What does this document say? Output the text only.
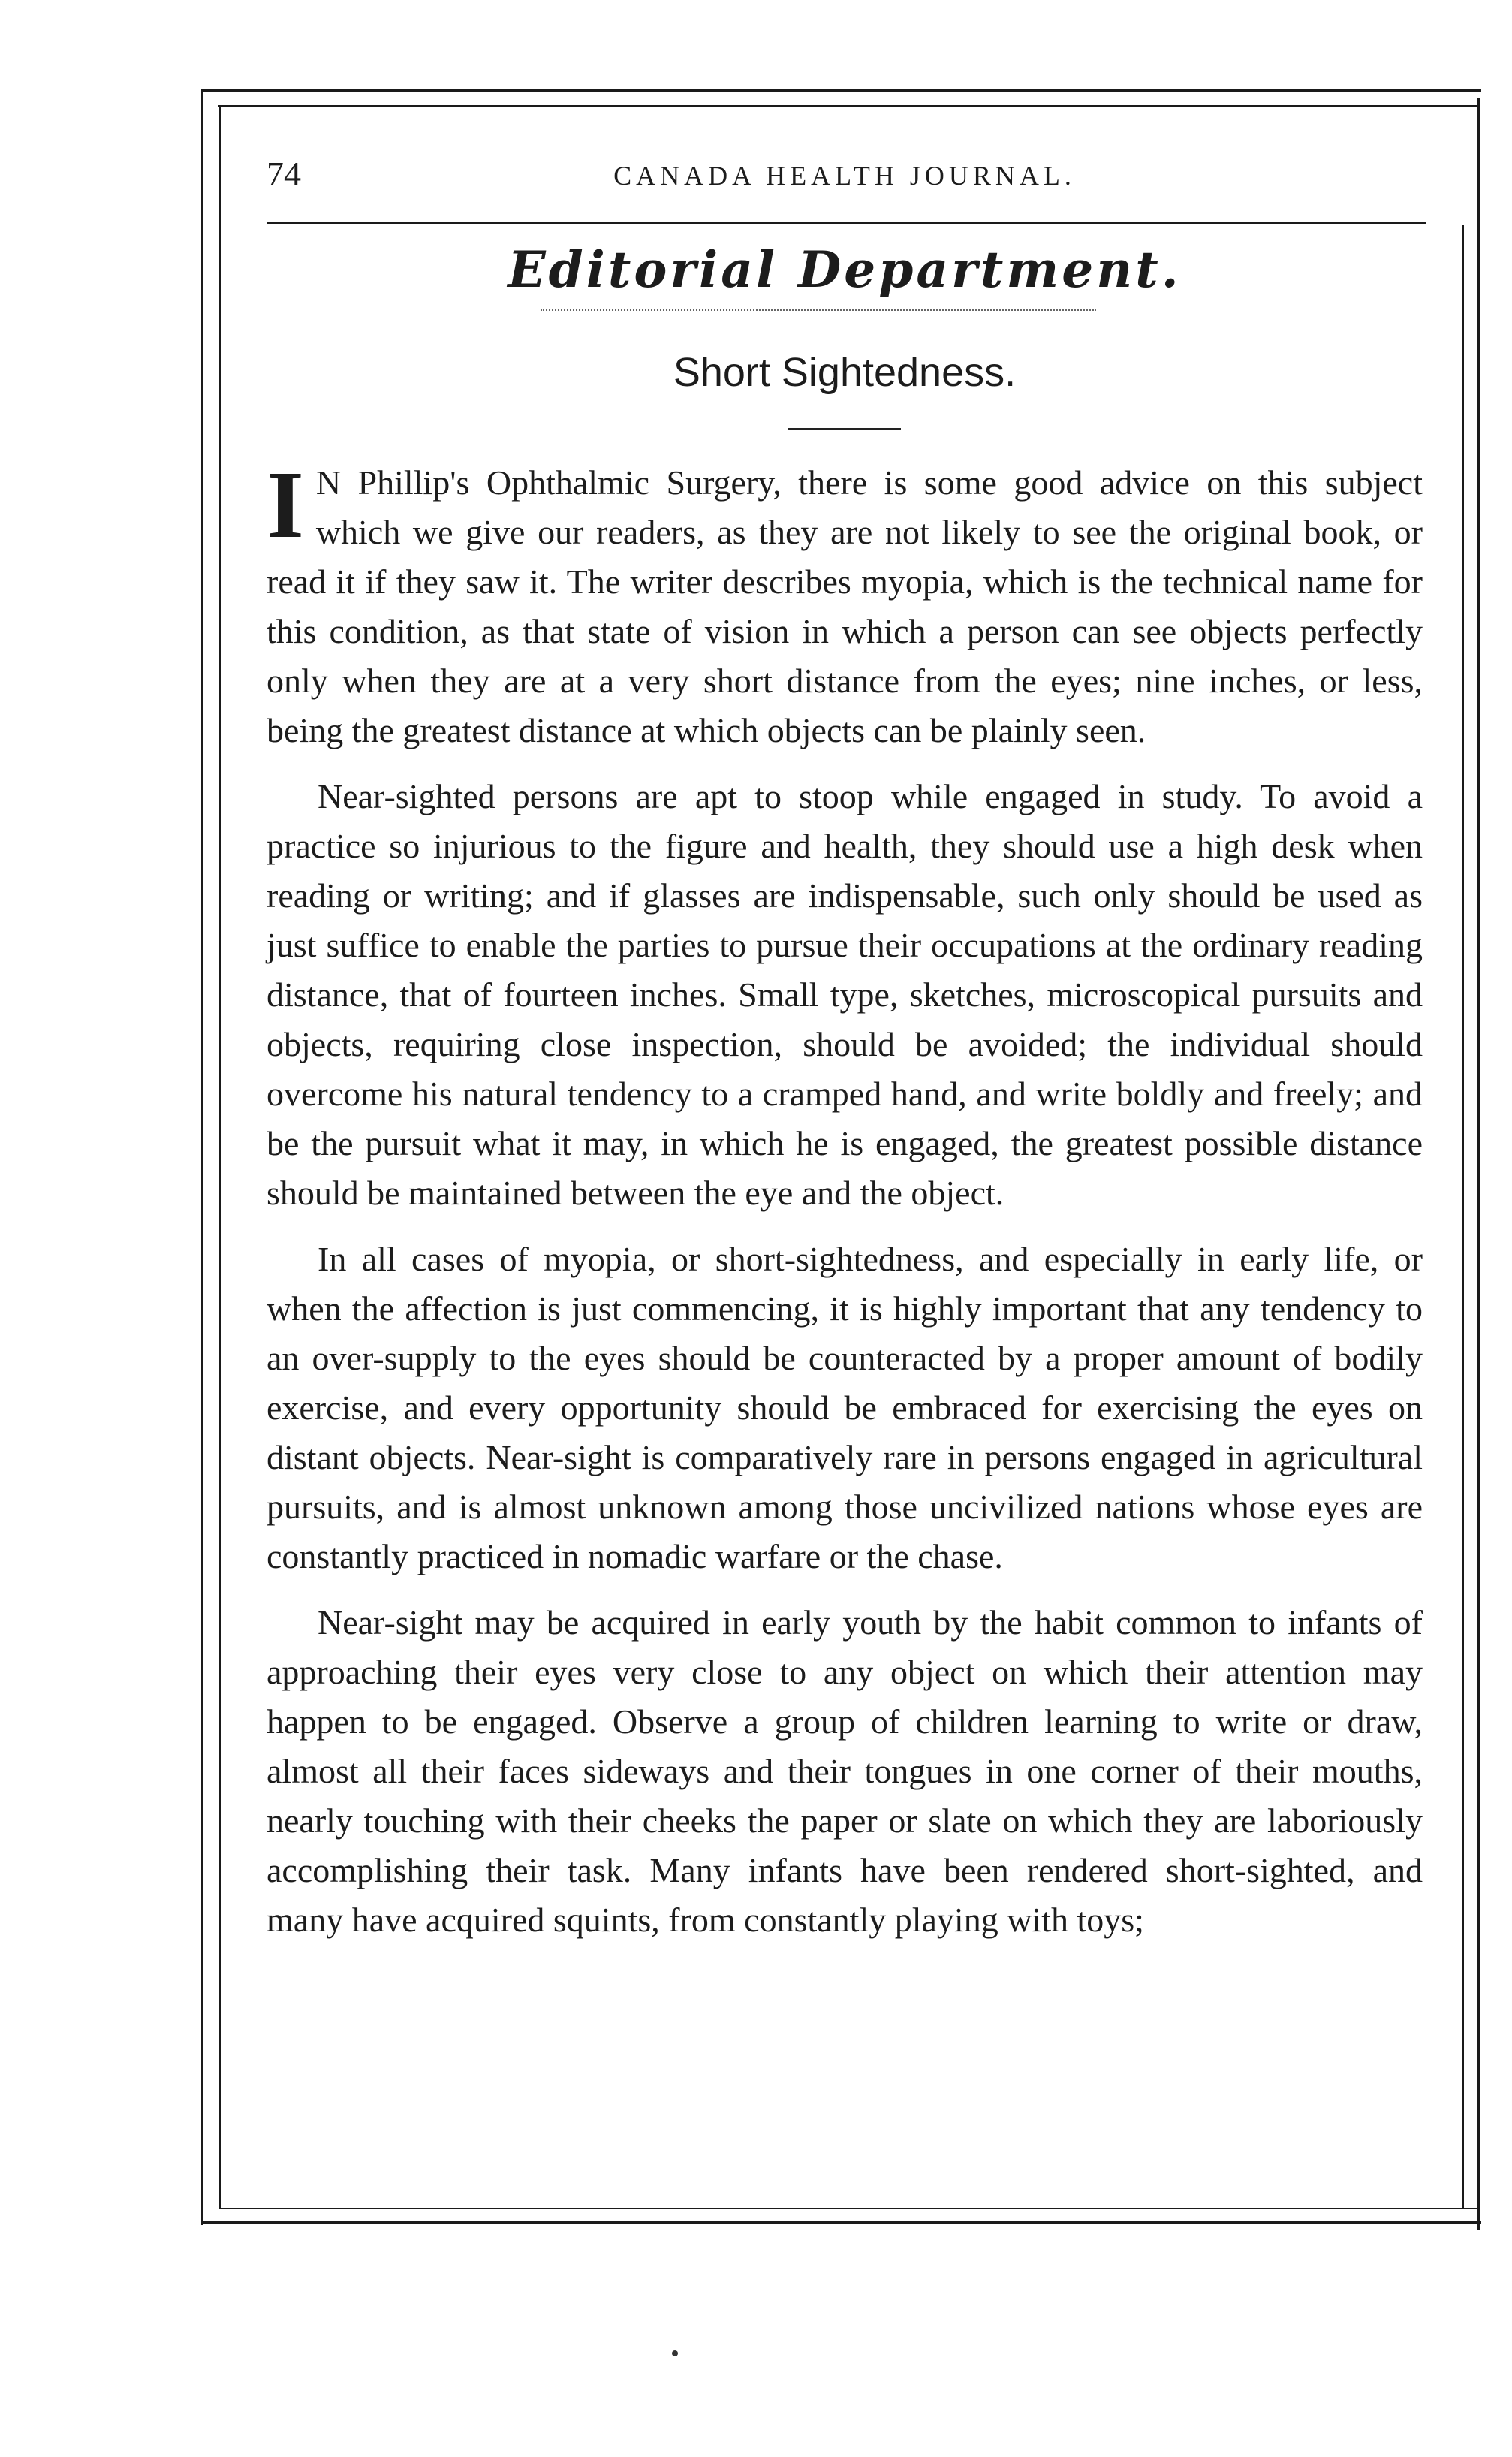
74	CANADA HEALTH JOURNAL.
Editorial Department.
Short Sightedness.

I N Phillip's Ophthalmic Surgery, there is some good advice on this subject which we give our readers, as they are not likely to see the original book, or read it if they saw it. The writer describes myopia, which is the technical name for this condition, as that state of vision in which a person can see objects perfectly only when they are at a very short distance from the eyes; nine inches, or less, being the greatest distance at which objects can be plainly seen.

Near-sighted persons are apt to stoop while engaged in study. To avoid a practice so injurious to the figure and health, they should use a high desk when reading or writing; and if glasses are indispensable, such only should be used as just suffice to enable the parties to pursue their occupations at the ordinary reading distance, that of fourteen inches. Small type, sketches, microscopical pursuits and objects, requiring close inspection, should be avoided; the individual should overcome his natural tendency to a cramped hand, and write boldly and freely; and be the pursuit what it may, in which he is engaged, the greatest possible distance should be maintained between the eye and the object.

In all cases of myopia, or short-sightedness, and especially in early life, or when the affection is just commencing, it is highly important that any tendency to an over-supply to the eyes should be counteracted by a proper amount of bodily exercise, and every opportunity should be embraced for exercising the eyes on distant objects. Near-sight is comparatively rare in persons engaged in agricultural pursuits, and is almost unknown among those uncivilized nations whose eyes are constantly practiced in nomadic warfare or the chase.

Near-sight may be acquired in early youth by the habit common to infants of approaching their eyes very close to any object on which their attention may happen to be engaged. Observe a group of children learning to write or draw, almost all their faces sideways and their tongues in one corner of their mouths, nearly touching with their cheeks the paper or slate on which they are laboriously accomplishing their task. Many infants have been rendered short-sighted, and many have acquired squints, from constantly playing with toys;
